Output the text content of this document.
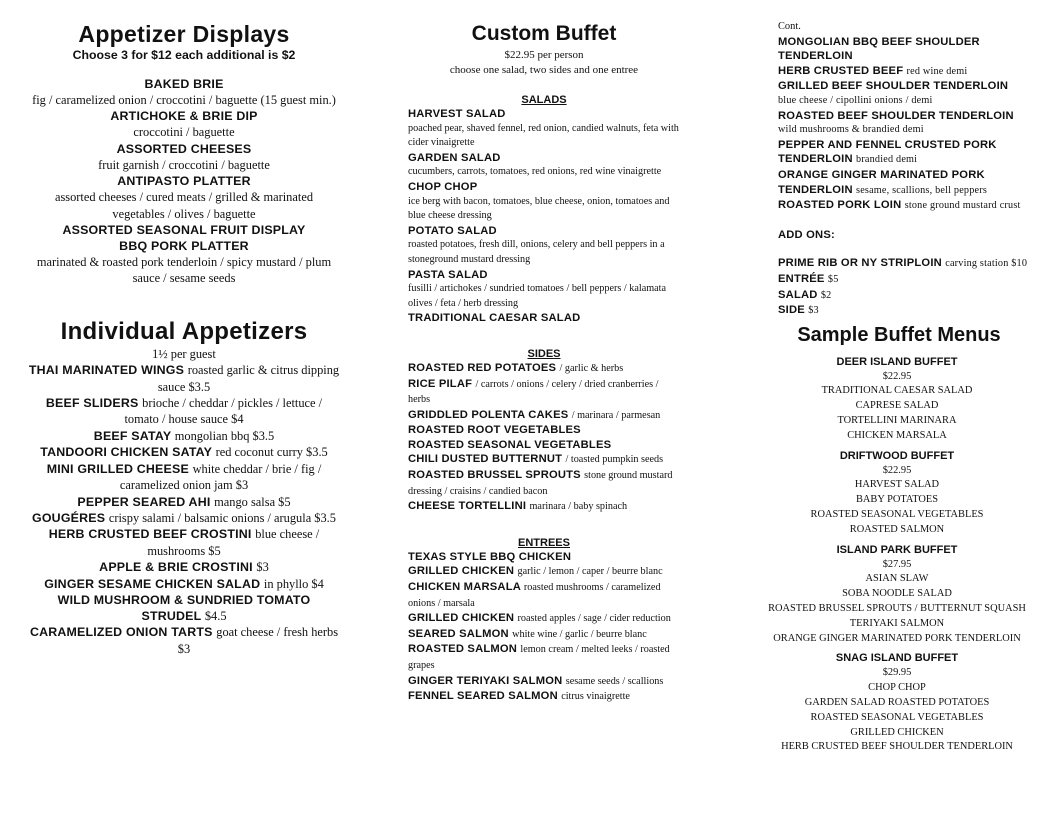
Appetizer Displays
Choose 3 for $12 each additional is $2
BAKED BRIE
fig / caramelized onion / croccotini / baguette (15 guest min.)
ARTICHOKE & BRIE DIP
croccotini / baguette
ASSORTED CHEESES
fruit garnish / croccotini / baguette
ANTIPASTO PLATTER
assorted cheeses / cured meats / grilled & marinated vegetables / olives / baguette
ASSORTED SEASONAL FRUIT DISPLAY
BBQ PORK PLATTER
marinated & roasted pork tenderloin / spicy mustard / plum sauce / sesame seeds
Individual Appetizers
1½ per guest
THAI MARINATED WINGS roasted garlic & citrus dipping sauce $3.5
BEEF SLIDERS brioche / cheddar / pickles / lettuce / tomato / house sauce $4
BEEF SATAY mongolian bbq $3.5
TANDOORI CHICKEN SATAY red coconut curry $3.5
MINI GRILLED CHEESE white cheddar / brie / fig / caramelized onion jam $3
PEPPER SEARED AHI mango salsa $5
GOUGÉRES crispy salami / balsamic onions / arugula $3.5
HERB CRUSTED BEEF CROSTINI blue cheese / mushrooms $5
APPLE & BRIE CROSTINI $3
GINGER SESAME CHICKEN SALAD in phyllo $4
WILD MUSHROOM & SUNDRIED TOMATO STRUDEL $4.5
CARAMELIZED ONION TARTS goat cheese / fresh herbs $3
Custom Buffet
$22.95 per person
choose one salad, two sides and one entree
SALADS
HARVEST SALAD
poached pear, shaved fennel, red onion, candied walnuts, feta with cider vinaigrette
GARDEN SALAD
cucumbers, carrots, tomatoes, red onions, red wine vinaigrette
CHOP CHOP
ice berg with bacon, tomatoes, blue cheese, onion, tomatoes and blue cheese dressing
POTATO SALAD
roasted potatoes, fresh dill, onions, celery and bell peppers in a stoneground mustard dressing
PASTA SALAD
fusilli / artichokes / sundried tomatoes / bell peppers / kalamata olives / feta / herb dressing
TRADITIONAL CAESAR SALAD
SIDES
ROASTED RED POTATOES / garlic & herbs
RICE PILAF / carrots / onions / celery / dried cranberries / herbs
GRIDDLED POLENTA CAKES / marinara / parmesan
ROASTED ROOT VEGETABLES
ROASTED SEASONAL VEGETABLES
CHILI DUSTED BUTTERNUT / toasted pumpkin seeds
ROASTED BRUSSEL SPROUTS stone ground mustard dressing / craisins / candied bacon
CHEESE TORTELLINI marinara / baby spinach
ENTREES
TEXAS STYLE BBQ CHICKEN
GRILLED CHICKEN garlic / lemon / caper / beurre blanc
CHICKEN MARSALA roasted mushrooms / caramelized onions / marsala
GRILLED CHICKEN roasted apples / sage / cider reduction
SEARED SALMON white wine / garlic / beurre blanc
ROASTED SALMON lemon cream / melted leeks / roasted grapes
GINGER TERIYAKI SALMON sesame seeds / scallions
FENNEL SEARED SALMON citrus vinaigrette
Cont.
MONGOLIAN BBQ BEEF SHOULDER TENDERLOIN
HERB CRUSTED BEEF red wine demi
GRILLED BEEF SHOULDER TENDERLOIN
blue cheese / cipollini onions / demi
ROASTED BEEF SHOULDER TENDERLOIN
wild mushrooms & brandied demi
PEPPER AND FENNEL CRUSTED PORK TENDERLOIN brandied demi
ORANGE GINGER MARINATED PORK TENDERLOIN sesame, scallions, bell peppers
ROASTED PORK LOIN stone ground mustard crust
ADD ONS:
PRIME RIB OR NY STRIPLOIN carving station $10
ENTRÉE $5
SALAD $2
SIDE $3
Sample Buffet Menus
DEER ISLAND BUFFET
$22.95
TRADITIONAL CAESAR SALAD
CAPRESE SALAD
TORTELLINI MARINARA
CHICKEN MARSALA
DRIFTWOOD BUFFET
$22.95
HARVEST SALAD
BABY POTATOES
ROASTED SEASONAL VEGETABLES
ROASTED SALMON
ISLAND PARK BUFFET
$27.95
ASIAN SLAW
SOBA NOODLE SALAD
ROASTED BRUSSEL SPROUTS / BUTTERNUT SQUASH
TERIYAKI SALMON
ORANGE GINGER MARINATED PORK TENDERLOIN
SNAG ISLAND BUFFET
$29.95
CHOP CHOP
GARDEN SALAD ROASTED POTATOES
ROASTED SEASONAL VEGETABLES
GRILLED CHICKEN
HERB CRUSTED BEEF SHOULDER TENDERLOIN
